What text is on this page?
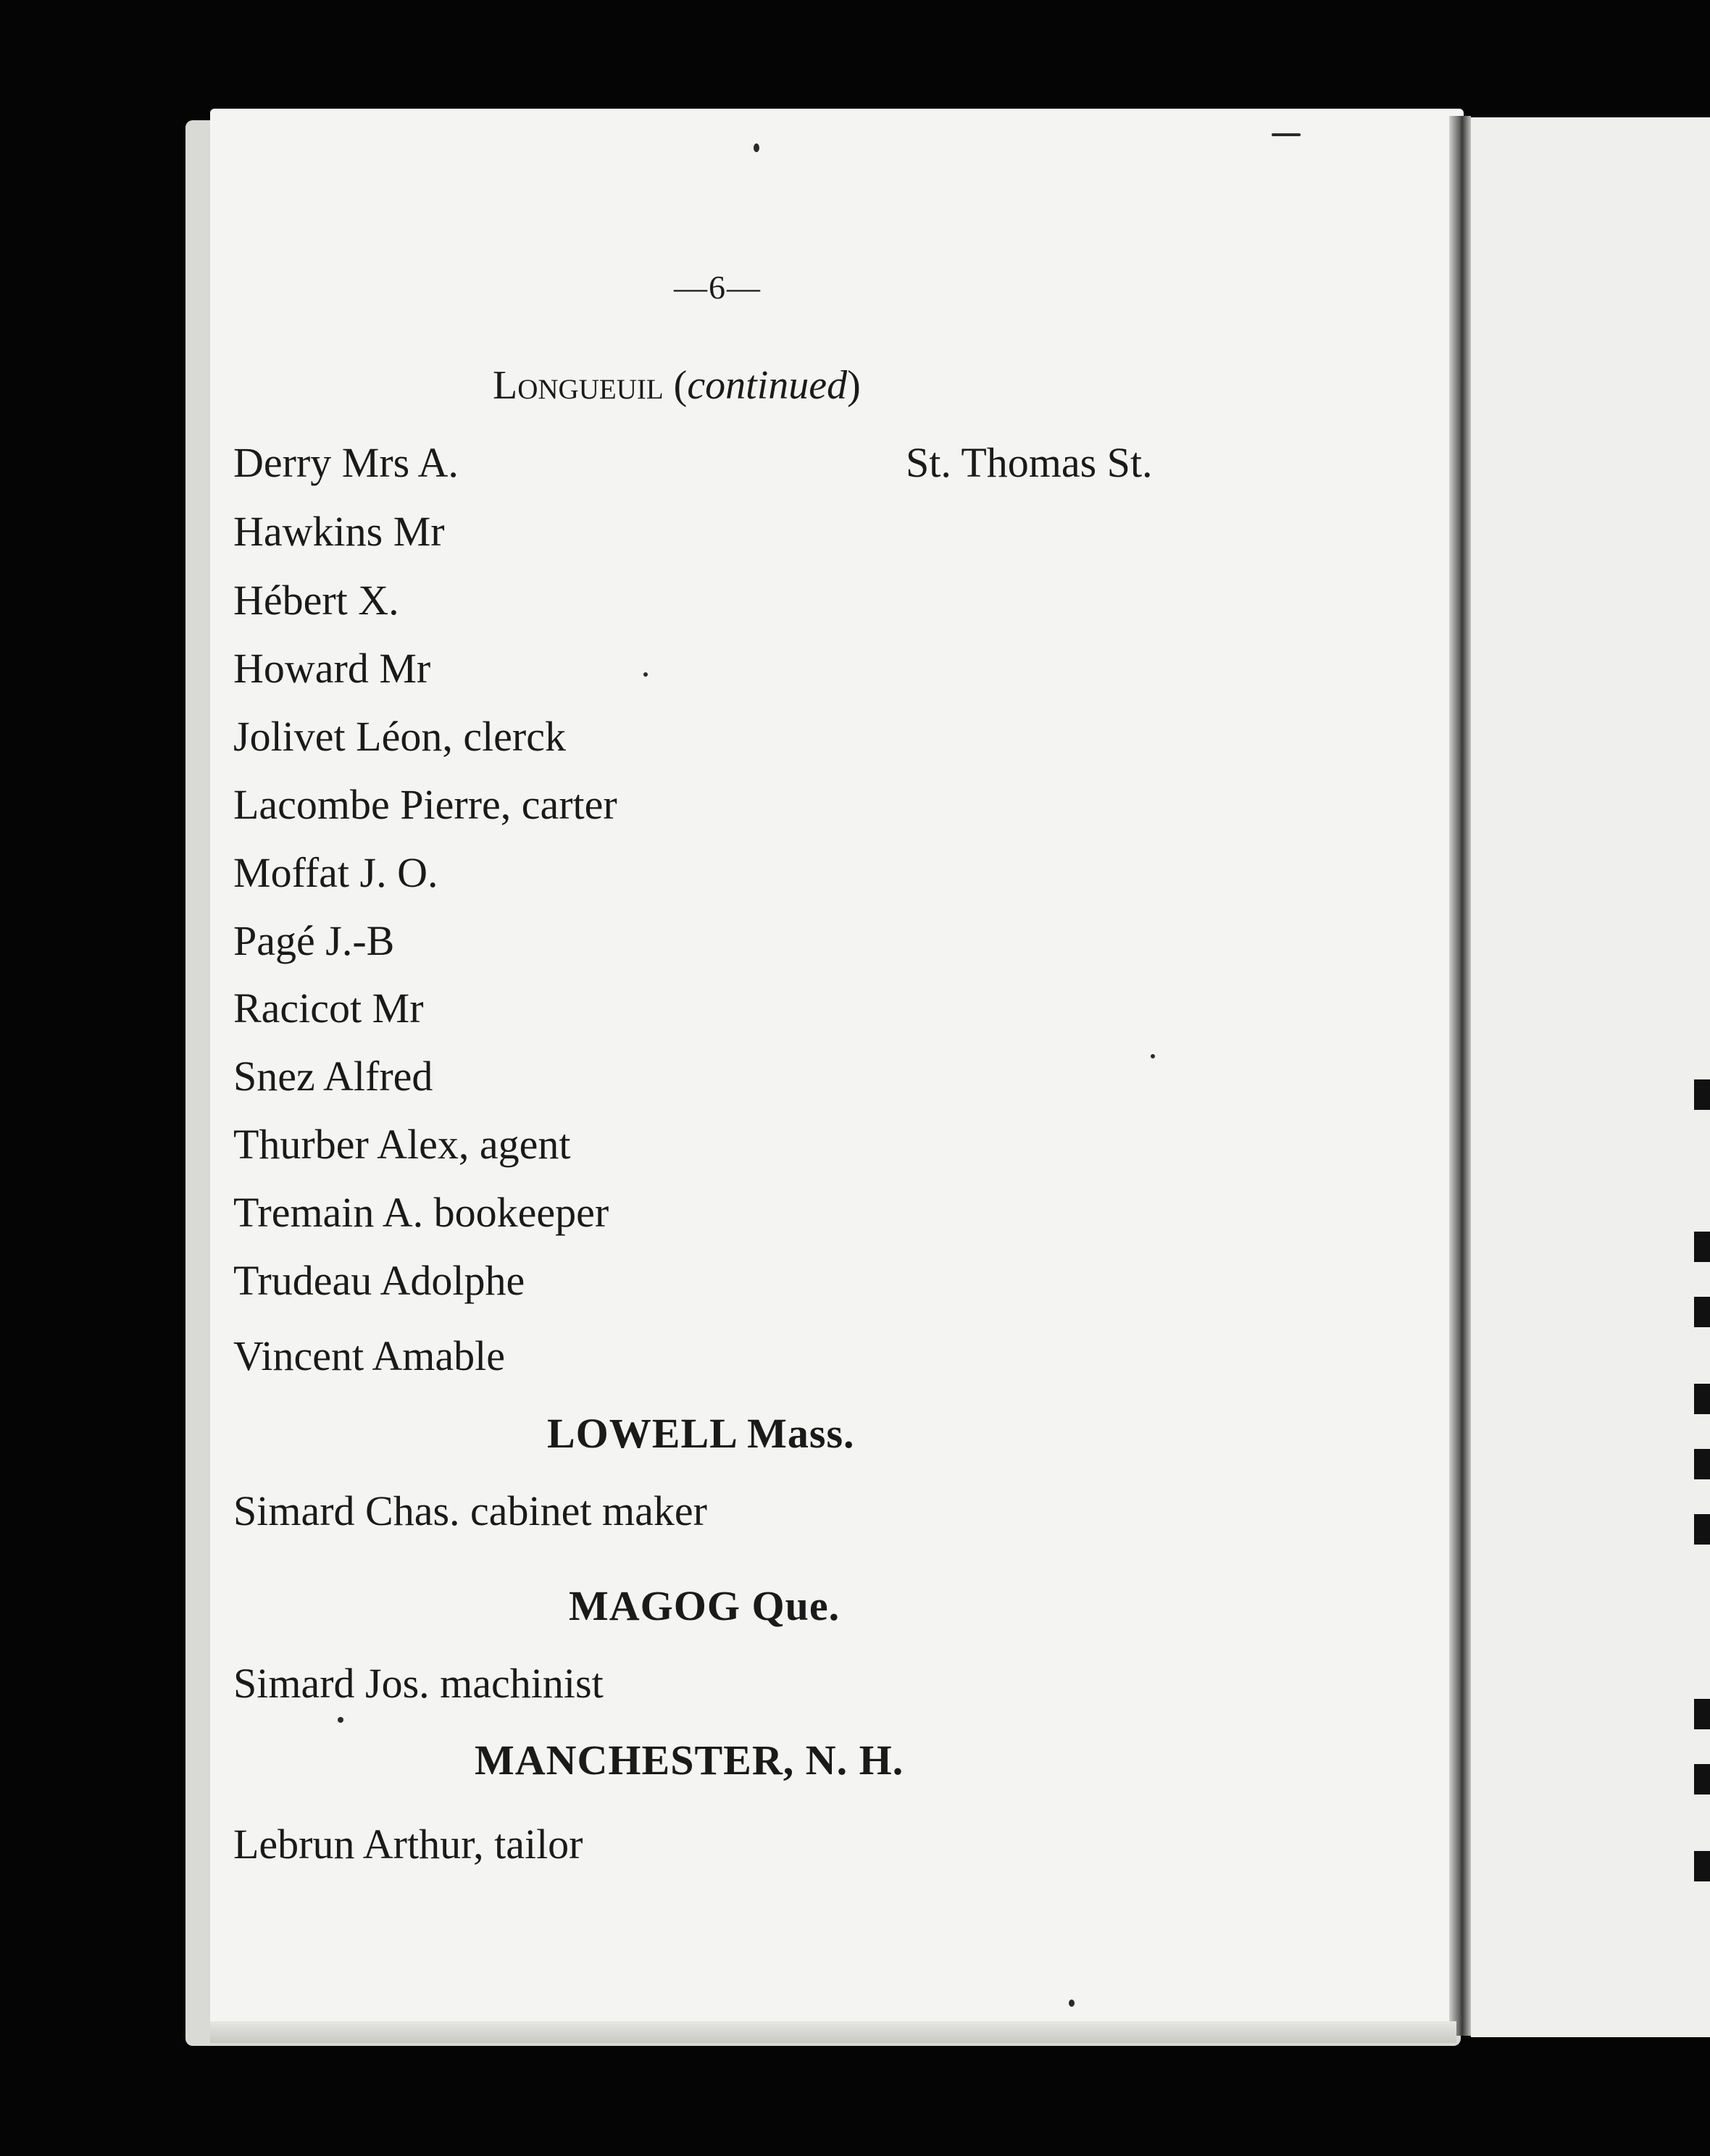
—6—
Longueuil (continued)
St. Thomas St.
Derry Mrs A.
Hawkins Mr
Hébert X.
Howard Mr
Jolivet Léon, clerck
Lacombe Pierre, carter
Moffat J. O.
Pagé J.-B
Racicot Mr
Snez Alfred
Thurber Alex, agent
Tremain A. bookeeper
Trudeau Adolphe
Vincent Amable
LOWELL Mass.
Simard Chas. cabinet maker
MAGOG Que.
Simard Jos. machinist
MANCHESTER, N. H.
Lebrun Arthur, tailor
